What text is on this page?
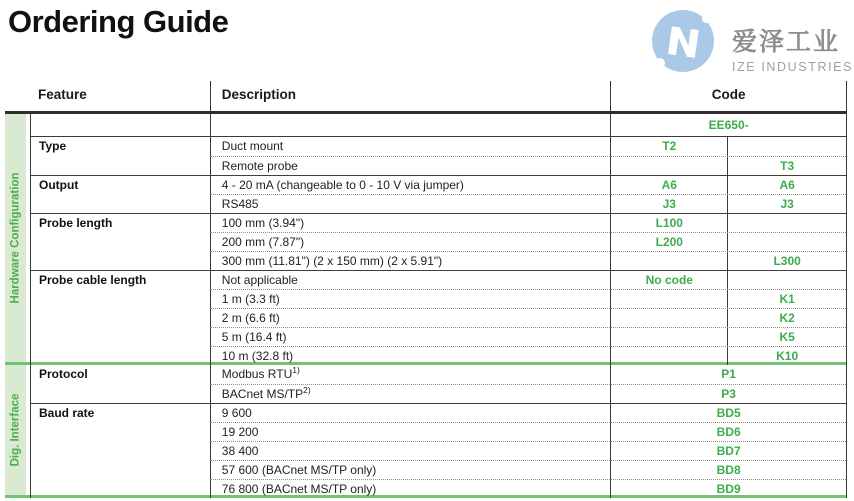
Ordering Guide
爱泽工业
IZE INDUSTRIES
Hardware Configuration
Dig. Interface
Feature	Description	Code
EE650-
Type	Duct mount	T2
Remote probe	T3
Output	4 - 20 mA (changeable to 0 - 10 V via jumper)	A6	A6
RS485	J3	J3
Probe length	100 mm (3.94")	L100
200 mm (7.87")	L200
300 mm (11.81") (2 x 150 mm) (2 x 5.91")	L300
Probe cable length	Not applicable	No code
1 m (3.3 ft)	K1
2 m (6.6 ft)	K2
5 m (16.4 ft)	K5
10 m (32.8 ft)	K10
Protocol	Modbus RTU$^{1)}$	P1
BACnet MS/TP$^{2)}$	P3
Baud rate	9 600	BD5
19 200	BD6
38 400	BD7
57 600 (BACnet MS/TP only)	BD8
76 800 (BACnet MS/TP only)	BD9
